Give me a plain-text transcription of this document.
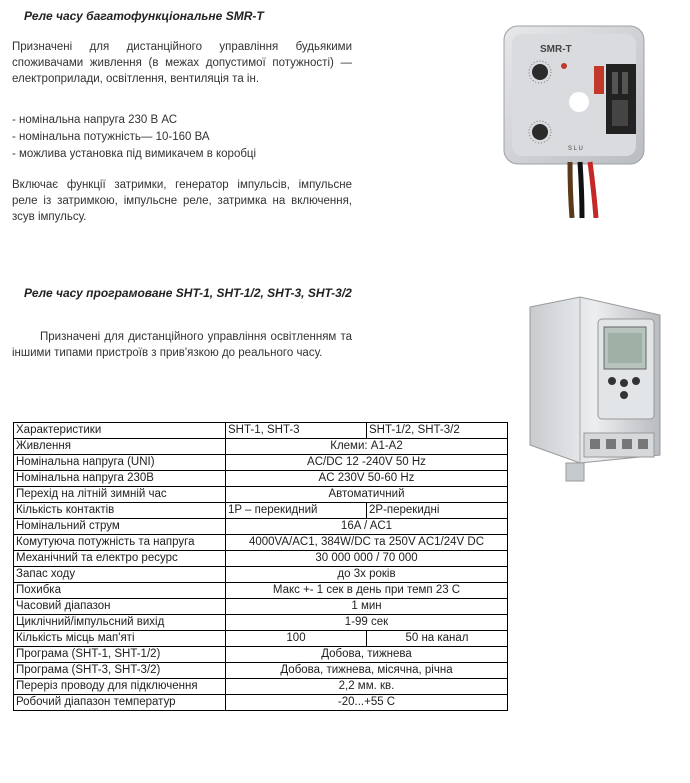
Реле часу багатофункціональне SMR-T

Призначені для дистанційного управління будьякими споживачами живлення (в межах допустимої потужності) — електроприлади, освітлення, вентиляція та ін.

- номінальна напруга 230 В АС
- номінальна потужність— 10-160 ВА
- можлива установка під вимикачем в коробці

Включає функції затримки, генератор імпульсів, імпульсне реле із затримкою, імпульсне реле, затримка на включення, зсув імпульсу.

SMR-T
S L U
Реле часу програмоване SHT-1, SHT-1/2, SHT-3, SHT-3/2

Призначені для дистанційного управління освітленням та іншими типами пристроїв з прив'язкою до реального часу.

Характеристики	SHT-1, SHT-3	SHT-1/2, SHT-3/2
Живлення	Клеми: А1-А2	
Номінальна напруга (UNI)	AC/DC 12 -240V 50 Hz	
Номінальна напруга 230В	AC 230V 50-60 Hz	
Перехід на літній зимній час	Автоматичний	
Кількість контактів	1P – перекидний	2P-перекидні
Номінальний струм	16A / AC1	
Комутуюча потужність та напруга	4000VA/AC1, 384W/DC та 250V AC1/24V DC	
Механічний та електро ресурс	30 000 000 / 70 000	
Запас ходу	до 3х років	
Похибка	Макс +- 1 сек в день при темп 23 С	
Часовий діапазон	1 мин	
Циклічний/імпульсний вихід	1-99 сек	
Кількість місць мап'яті	100	50 на канал
Програма (SHT-1, SHT-1/2)	Добова, тижнева	
Програма (SHT-3, SHT-3/2)	Добова, тижнева, місячна, річна	
Переріз проводу для підключення	2,2 мм. кв.	
Робочий діапазон температур	-20...+55 С	
